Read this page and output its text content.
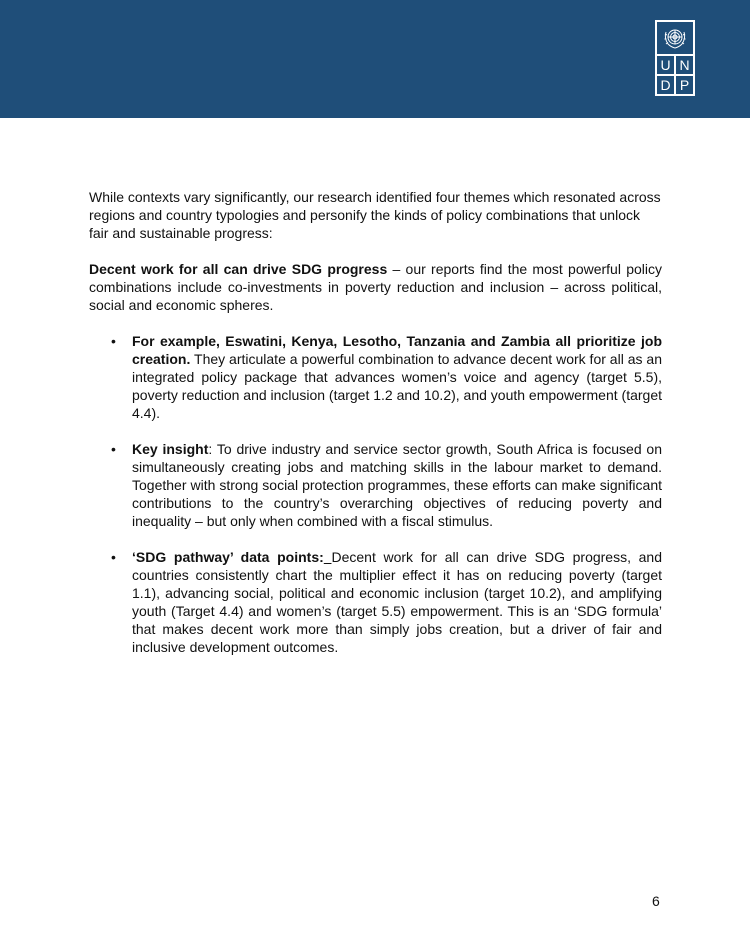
U N
D P

While contexts vary significantly, our research identified four themes which resonated across regions and country typologies and personify the kinds of policy combinations that unlock fair and sustainable progress:

Decent work for all can drive SDG progress – our reports find the most powerful policy combinations include co-investments in poverty reduction and inclusion – across political, social and economic spheres.

• For example, Eswatini, Kenya, Lesotho, Tanzania and Zambia all prioritize job creation. They articulate a powerful combination to advance decent work for all as an integrated policy package that advances women’s voice and agency (target 5.5), poverty reduction and inclusion (target 1.2 and 10.2), and youth empowerment (target 4.4).
• Key insight: To drive industry and service sector growth, South Africa is focused on simultaneously creating jobs and matching skills in the labour market to demand. Together with strong social protection programmes, these efforts can make significant contributions to the country’s overarching objectives of reducing poverty and inequality – but only when combined with a fiscal stimulus.
• ‘SDG pathway’ data points: Decent work for all can drive SDG progress, and countries consistently chart the multiplier effect it has on reducing poverty (target 1.1), advancing social, political and economic inclusion (target 10.2), and amplifying youth (Target 4.4) and women’s (target 5.5) empowerment. This is an ‘SDG formula’ that makes decent work more than simply jobs creation, but a driver of fair and inclusive development outcomes.
6
